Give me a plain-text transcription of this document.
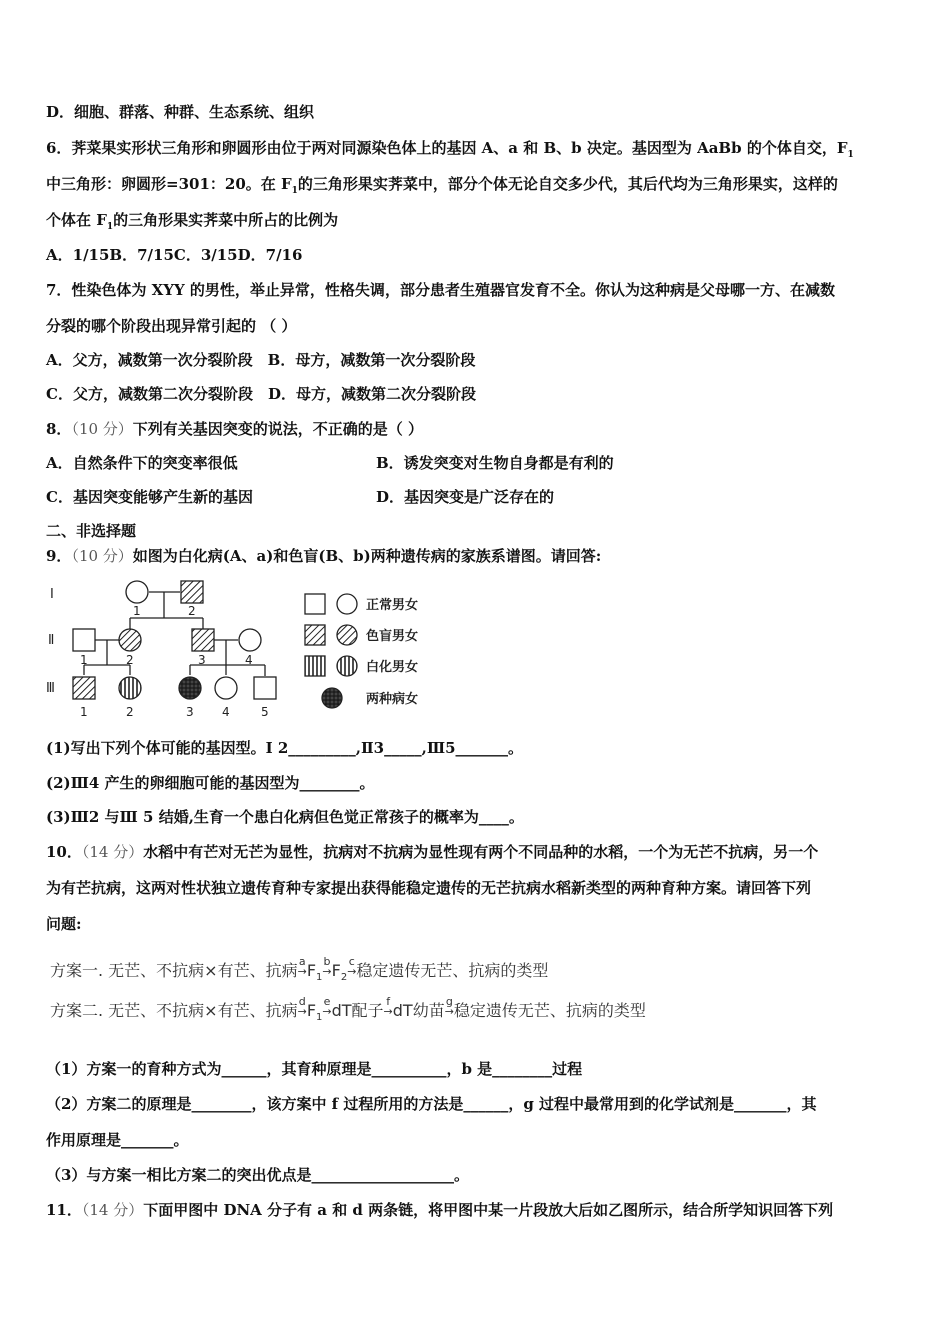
D．细胞、群落、种群、生态系统、组织
6．荠菜果实形状三角形和卵圆形由位于两对同源染色体上的基因 A、a 和 B、b 决定。基因型为 AaBb 的个体自交，$F_1$
中三角形：卵圆形=301：20。在 $F_1$的三角形果实荠菜中，部分个体无论自交多少代，其后代均为三角形果实，这样的
个体在 $F_1$的三角形果实荠菜中所占的比例为
A．1/15B．7/15C．3/15D．7/16
7．性染色体为 XYY 的男性，举止异常，性格失调，部分患者生殖器官发育不全。你认为这种病是父母哪一方、在减数
分裂的哪个阶段出现异常引起的 （ ）
A．父方，减数第一次分裂阶段　B．母方，减数第一次分裂阶段
C．父方，减数第二次分裂阶段　D．母方，减数第二次分裂阶段
8．（10 分）下列有关基因突变的说法，不正确的是（ ）
A．自然条件下的突变率很低	B．诱发突变对生物自身都是有利的
C．基因突变能够产生新的基因	D．基因突变是广泛存在的
二、非选择题
9．（10 分）如图为白化病(A、a)和色盲(B、b)两种遗传病的家族系谱图。请回答:
Ⅰ
Ⅱ
Ⅲ
1	2
1	2	3	4
1	2	3 4	5
正常男女
色盲男女
白化男女
两种病女
(1)写出下列个体可能的基因型。Ⅰ 2_________,Ⅱ3_____,Ⅲ5_______。
(2)Ⅲ4 产生的卵细胞可能的基因型为________。
(3)Ⅲ2 与Ⅲ 5 结婚,生育一个患白化病但色觉正常孩子的概率为____。
10．（14 分）水稻中有芒对无芒为显性，抗病对不抗病为显性现有两个不同品种的水稻，一个为无芒不抗病，另一个
为有芒抗病，这两对性状独立遗传育种专家提出获得能稳定遗传的无芒抗病水稻新类型的两种育种方案。请回答下列
问题:
方案一. 无芒、不抗病×有芒、抗病a
$\to F_1b$
$\to F_2c$
→稳定遗传无芒、抗病的类型
方案二. 无芒、不抗病×有芒、抗病d
$\to F_1e$
→dT配子 f
→dT幼苗g
→稳定遗传无芒、抗病的类型
（1）方案一的育种方式为______，其育种原理是__________，b 是________过程
（2）方案二的原理是________，该方案中 f 过程所用的方法是______，g 过程中最常用到的化学试剂是_______，其
作用原理是_______。
（3）与方案一相比方案二的突出优点是___________________。
11．（14 分）下面甲图中 DNA 分子有 a 和 d 两条链，将甲图中某一片段放大后如乙图所示，结合所学知识回答下列
